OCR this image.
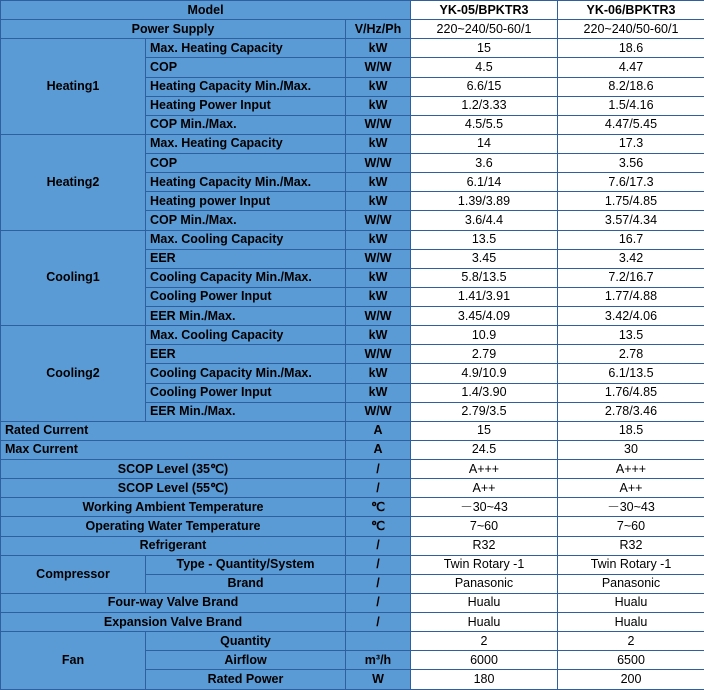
Model			YK-05/BPKTR3	YK-06/BPKTR3
Power Supply		V/Hz/Ph	220~240/50-60/1	220~240/50-60/1
Heating1	Max. Heating Capacity	kW	15	18.6
	COP	W/W	4.5	4.47
	Heating Capacity Min./Max.	kW	6.6/15	8.2/18.6
	Heating Power Input	kW	1.2/3.33	1.5/4.16
	COP Min./Max.	W/W	4.5/5.5	4.47/5.45
Heating2	Max. Heating Capacity	kW	14	17.3
	COP	W/W	3.6	3.56
	Heating Capacity Min./Max.	kW	6.1/14	7.6/17.3
	Heating power Input	kW	1.39/3.89	1.75/4.85
	COP Min./Max.	W/W	3.6/4.4	3.57/4.34
Cooling1	Max. Cooling Capacity	kW	13.5	16.7
	EER	W/W	3.45	3.42
	Cooling Capacity Min./Max.	kW	5.8/13.5	7.2/16.7
	Cooling Power Input	kW	1.41/3.91	1.77/4.88
	EER Min./Max.	W/W	3.45/4.09	3.42/4.06
Cooling2	Max. Cooling Capacity	kW	10.9	13.5
	EER	W/W	2.79	2.78
	Cooling Capacity Min./Max.	kW	4.9/10.9	6.1/13.5
	Cooling Power Input	kW	1.4/3.90	1.76/4.85
	EER Min./Max.	W/W	2.79/3.5	2.78/3.46
Rated Current		A	15	18.5
Max Current		A	24.5	30
SCOP Level (35℃)		/	A+++	A+++
SCOP Level (55℃)		/	A++	A++
Working Ambient Temperature		℃	－30~43	－30~43
Operating Water Temperature		℃	7~60	7~60
Refrigerant		/	R32	R32
Compressor	Type - Quantity/System	/	Twin Rotary -1	Twin Rotary -1
	Brand	/	Panasonic	Panasonic
Four-way Valve Brand		/	Hualu	Hualu
Expansion Valve Brand		/	Hualu	Hualu
Fan	Quantity		2	2
	Airflow	m³/h	6000	6500
	Rated Power	W	180	200
